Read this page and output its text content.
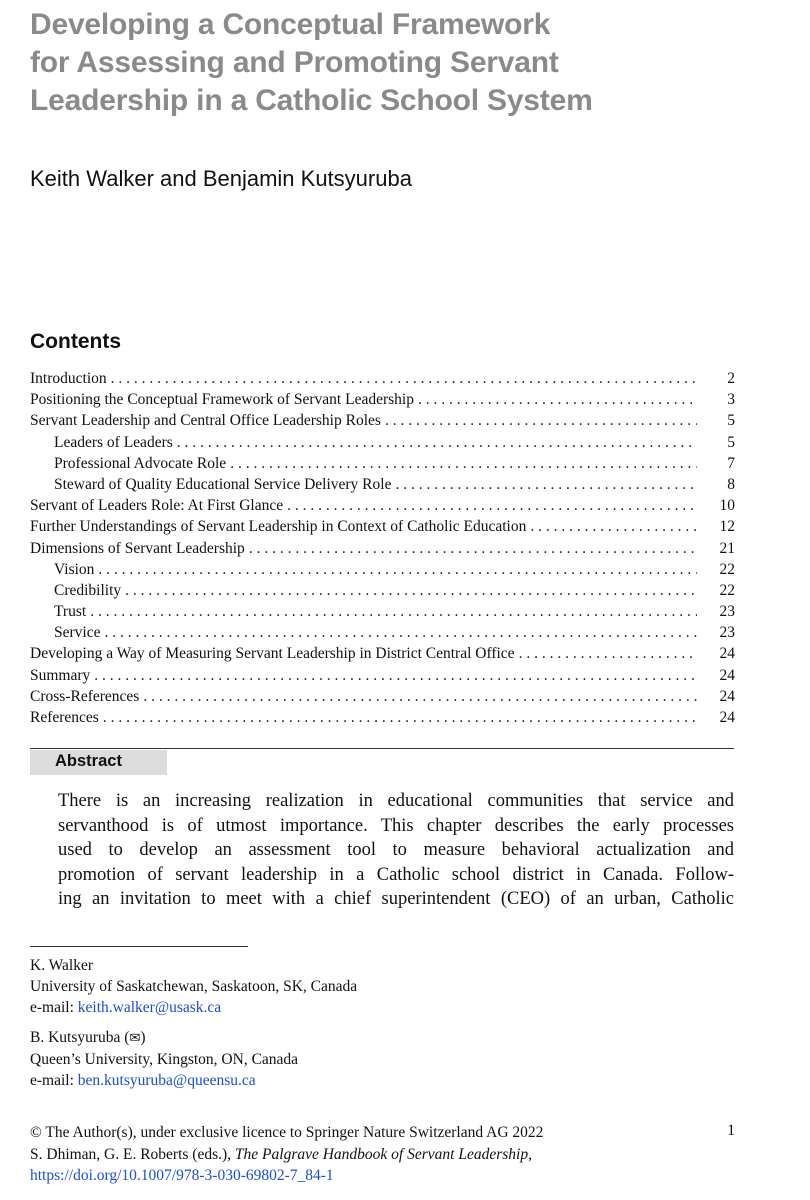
Developing a Conceptual Framework
for Assessing and Promoting Servant
Leadership in a Catholic School System
Keith Walker and Benjamin Kutsyuruba
Contents
Introduction . . .	2
Positioning the Conceptual Framework of Servant Leadership . . .	3
Servant Leadership and Central Office Leadership Roles . . .	5
Leaders of Leaders . . .	5
Professional Advocate Role . . .	7
Steward of Quality Educational Service Delivery Role . . .	8
Servant of Leaders Role: At First Glance . . .	10
Further Understandings of Servant Leadership in Context of Catholic Education . . .	12
Dimensions of Servant Leadership . . .	21
Vision . . .	22
Credibility . . .	22
Trust . . .	23
Service . . .	23
Developing a Way of Measuring Servant Leadership in District Central Office . . .	24
Summary . . .	24
Cross-References . . .	24
References . . .	24
Abstract
There is an increasing realization in educational communities that service and
servanthood is of utmost importance. This chapter describes the early processes
used to develop an assessment tool to measure behavioral actualization and
promotion of servant leadership in a Catholic school district in Canada. Follow-
ing an invitation to meet with a chief superintendent (CEO) of an urban, Catholic
K. Walker
University of Saskatchewan, Saskatoon, SK, Canada
e-mail: keith.walker@usask.ca
B. Kutsyuruba (✉)
Queen’s University, Kingston, ON, Canada
e-mail: ben.kutsyuruba@queensu.ca
© The Author(s), under exclusive licence to Springer Nature Switzerland AG 2022
S. Dhiman, G. E. Roberts (eds.), The Palgrave Handbook of Servant Leadership,
https://doi.org/10.1007/978-3-030-69802-7_84-1
1
